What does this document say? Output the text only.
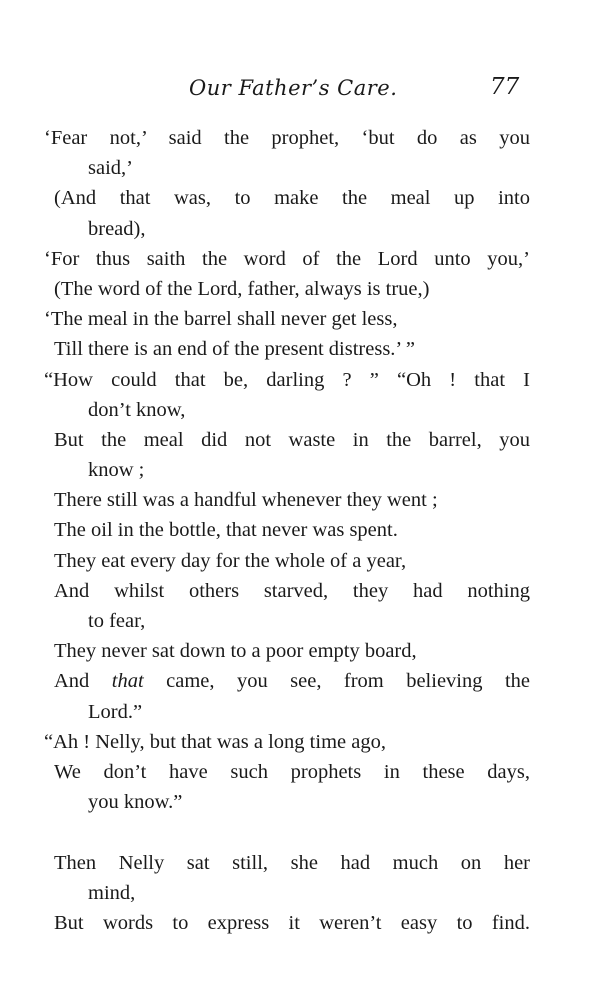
Our Father’s Care.	77
‘Fear not,’ said the prophet, ‘but do as you
said,’
(And that was, to make the meal up into
bread),
‘For thus saith the word of the Lord unto you,’
(The word of the Lord, father, always is true,)
‘The meal in the barrel shall never get less,
Till there is an end of the present distress.’ ”
“How could that be, darling ? ” “Oh ! that I
don’t know,
But the meal did not waste in the barrel, you
know ;
There still was a handful whenever they went ;
The oil in the bottle, that never was spent.
They eat every day for the whole of a year,
And whilst others starved, they had nothing
to fear,
They never sat down to a poor empty board,
And that came, you see, from believing the
Lord.”
“Ah ! Nelly, but that was a long time ago,
We don’t have such prophets in these days,
you know.”
Then Nelly sat still, she had much on her
mind,
But words to express it weren’t easy to find.
